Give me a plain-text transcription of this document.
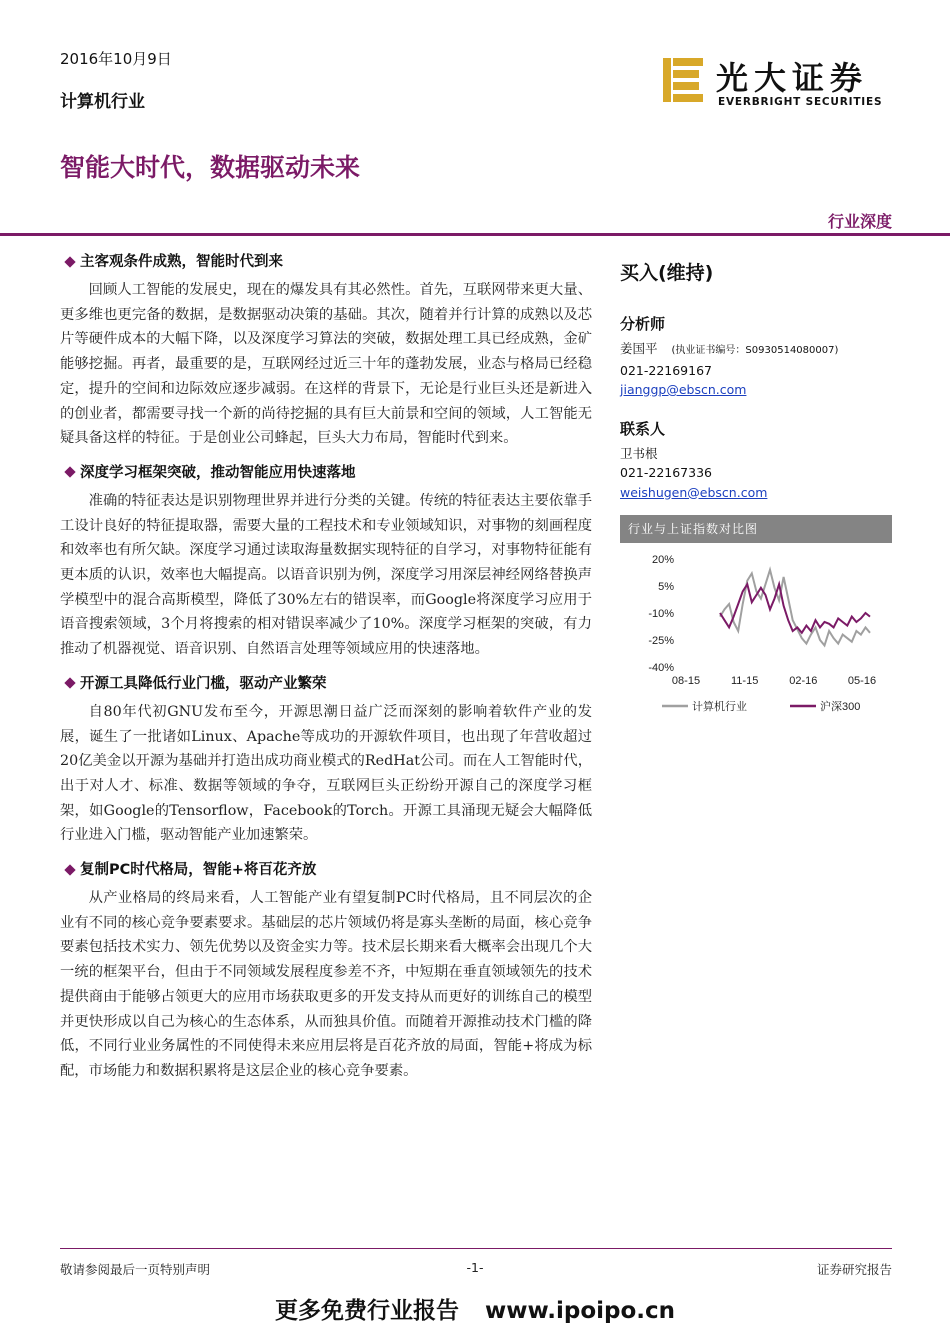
2016年10月9日
计算机行业
光大证券
EVERBRIGHT SECURITIES
智能大时代，数据驱动未来
行业深度
主客观条件成熟，智能时代到来

回顾人工智能的发展史，现在的爆发具有其必然性。首先，互联网带来更大量、更多维也更完备的数据，是数据驱动决策的基础。其次，随着并行计算的成熟以及芯片等硬件成本的大幅下降，以及深度学习算法的突破，数据处理工具已经成熟，金矿能够挖掘。再者，最重要的是，互联网经过近三十年的蓬勃发展，业态与格局已经稳定，提升的空间和边际效应逐步减弱。在这样的背景下，无论是行业巨头还是新进入的创业者，都需要寻找一个新的尚待挖掘的具有巨大前景和空间的领域，人工智能无疑具备这样的特征。于是创业公司蜂起，巨头大力布局，智能时代到来。

深度学习框架突破，推动智能应用快速落地

准确的特征表达是识别物理世界并进行分类的关键。传统的特征表达主要依靠手工设计良好的特征提取器，需要大量的工程技术和专业领域知识，对事物的刻画程度和效率也有所欠缺。深度学习通过读取海量数据实现特征的自学习，对事物特征能有更本质的认识，效率也大幅提高。以语音识别为例，深度学习用深层神经网络替换声学模型中的混合高斯模型，降低了30%左右的错误率，而Google将深度学习应用于语音搜索领域，3个月将搜索的相对错误率减少了10%。深度学习框架的突破，有力推动了机器视觉、语音识别、自然语言处理等领域应用的快速落地。

开源工具降低行业门槛，驱动产业繁荣

自80年代初GNU发布至今，开源思潮日益广泛而深刻的影响着软件产业的发展，诞生了一批诸如Linux、Apache等成功的开源软件项目，也出现了年营收超过20亿美金以开源为基础并打造出成功商业模式的RedHat公司。而在人工智能时代，出于对人才、标准、数据等领域的争夺，互联网巨头正纷纷开源自己的深度学习框架，如Google的Tensorflow，Facebook的Torch。开源工具涌现无疑会大幅降低行业进入门槛，驱动智能产业加速繁荣。

复制PC时代格局，智能+将百花齐放

从产业格局的终局来看，人工智能产业有望复制PC时代格局，且不同层次的企业有不同的核心竞争要素要求。基础层的芯片领域仍将是寡头垄断的局面，核心竞争要素包括技术实力、领先优势以及资金实力等。技术层长期来看大概率会出现几个大一统的框架平台，但由于不同领域发展程度参差不齐，中短期在垂直领域领先的技术提供商由于能够占领更大的应用市场获取更多的开发支持从而更好的训练自己的模型并更快形成以自己为核心的生态体系，从而独具价值。而随着开源推动技术门槛的降低，不同行业业务属性的不同使得未来应用层将是百花齐放的局面，智能+将成为标配，市场能力和数据积累将是这层企业的核心竞争要素。

买入(维持)
分析师
姜国平 (执业证书编号：S0930514080007)
021-22169167
jianggp@ebscn.com
联系人
卫书根
021-22167336
weishugen@ebscn.com
行业与上证指数对比图
20%
5%
-10%
-25%
-40%
08-15	11-15	02-16	05-16
计算机行业	沪深300
敬请参阅最后一页特别声明	-1-	证券研究报告
更多免费行业报告 www.ipoipo.cn
